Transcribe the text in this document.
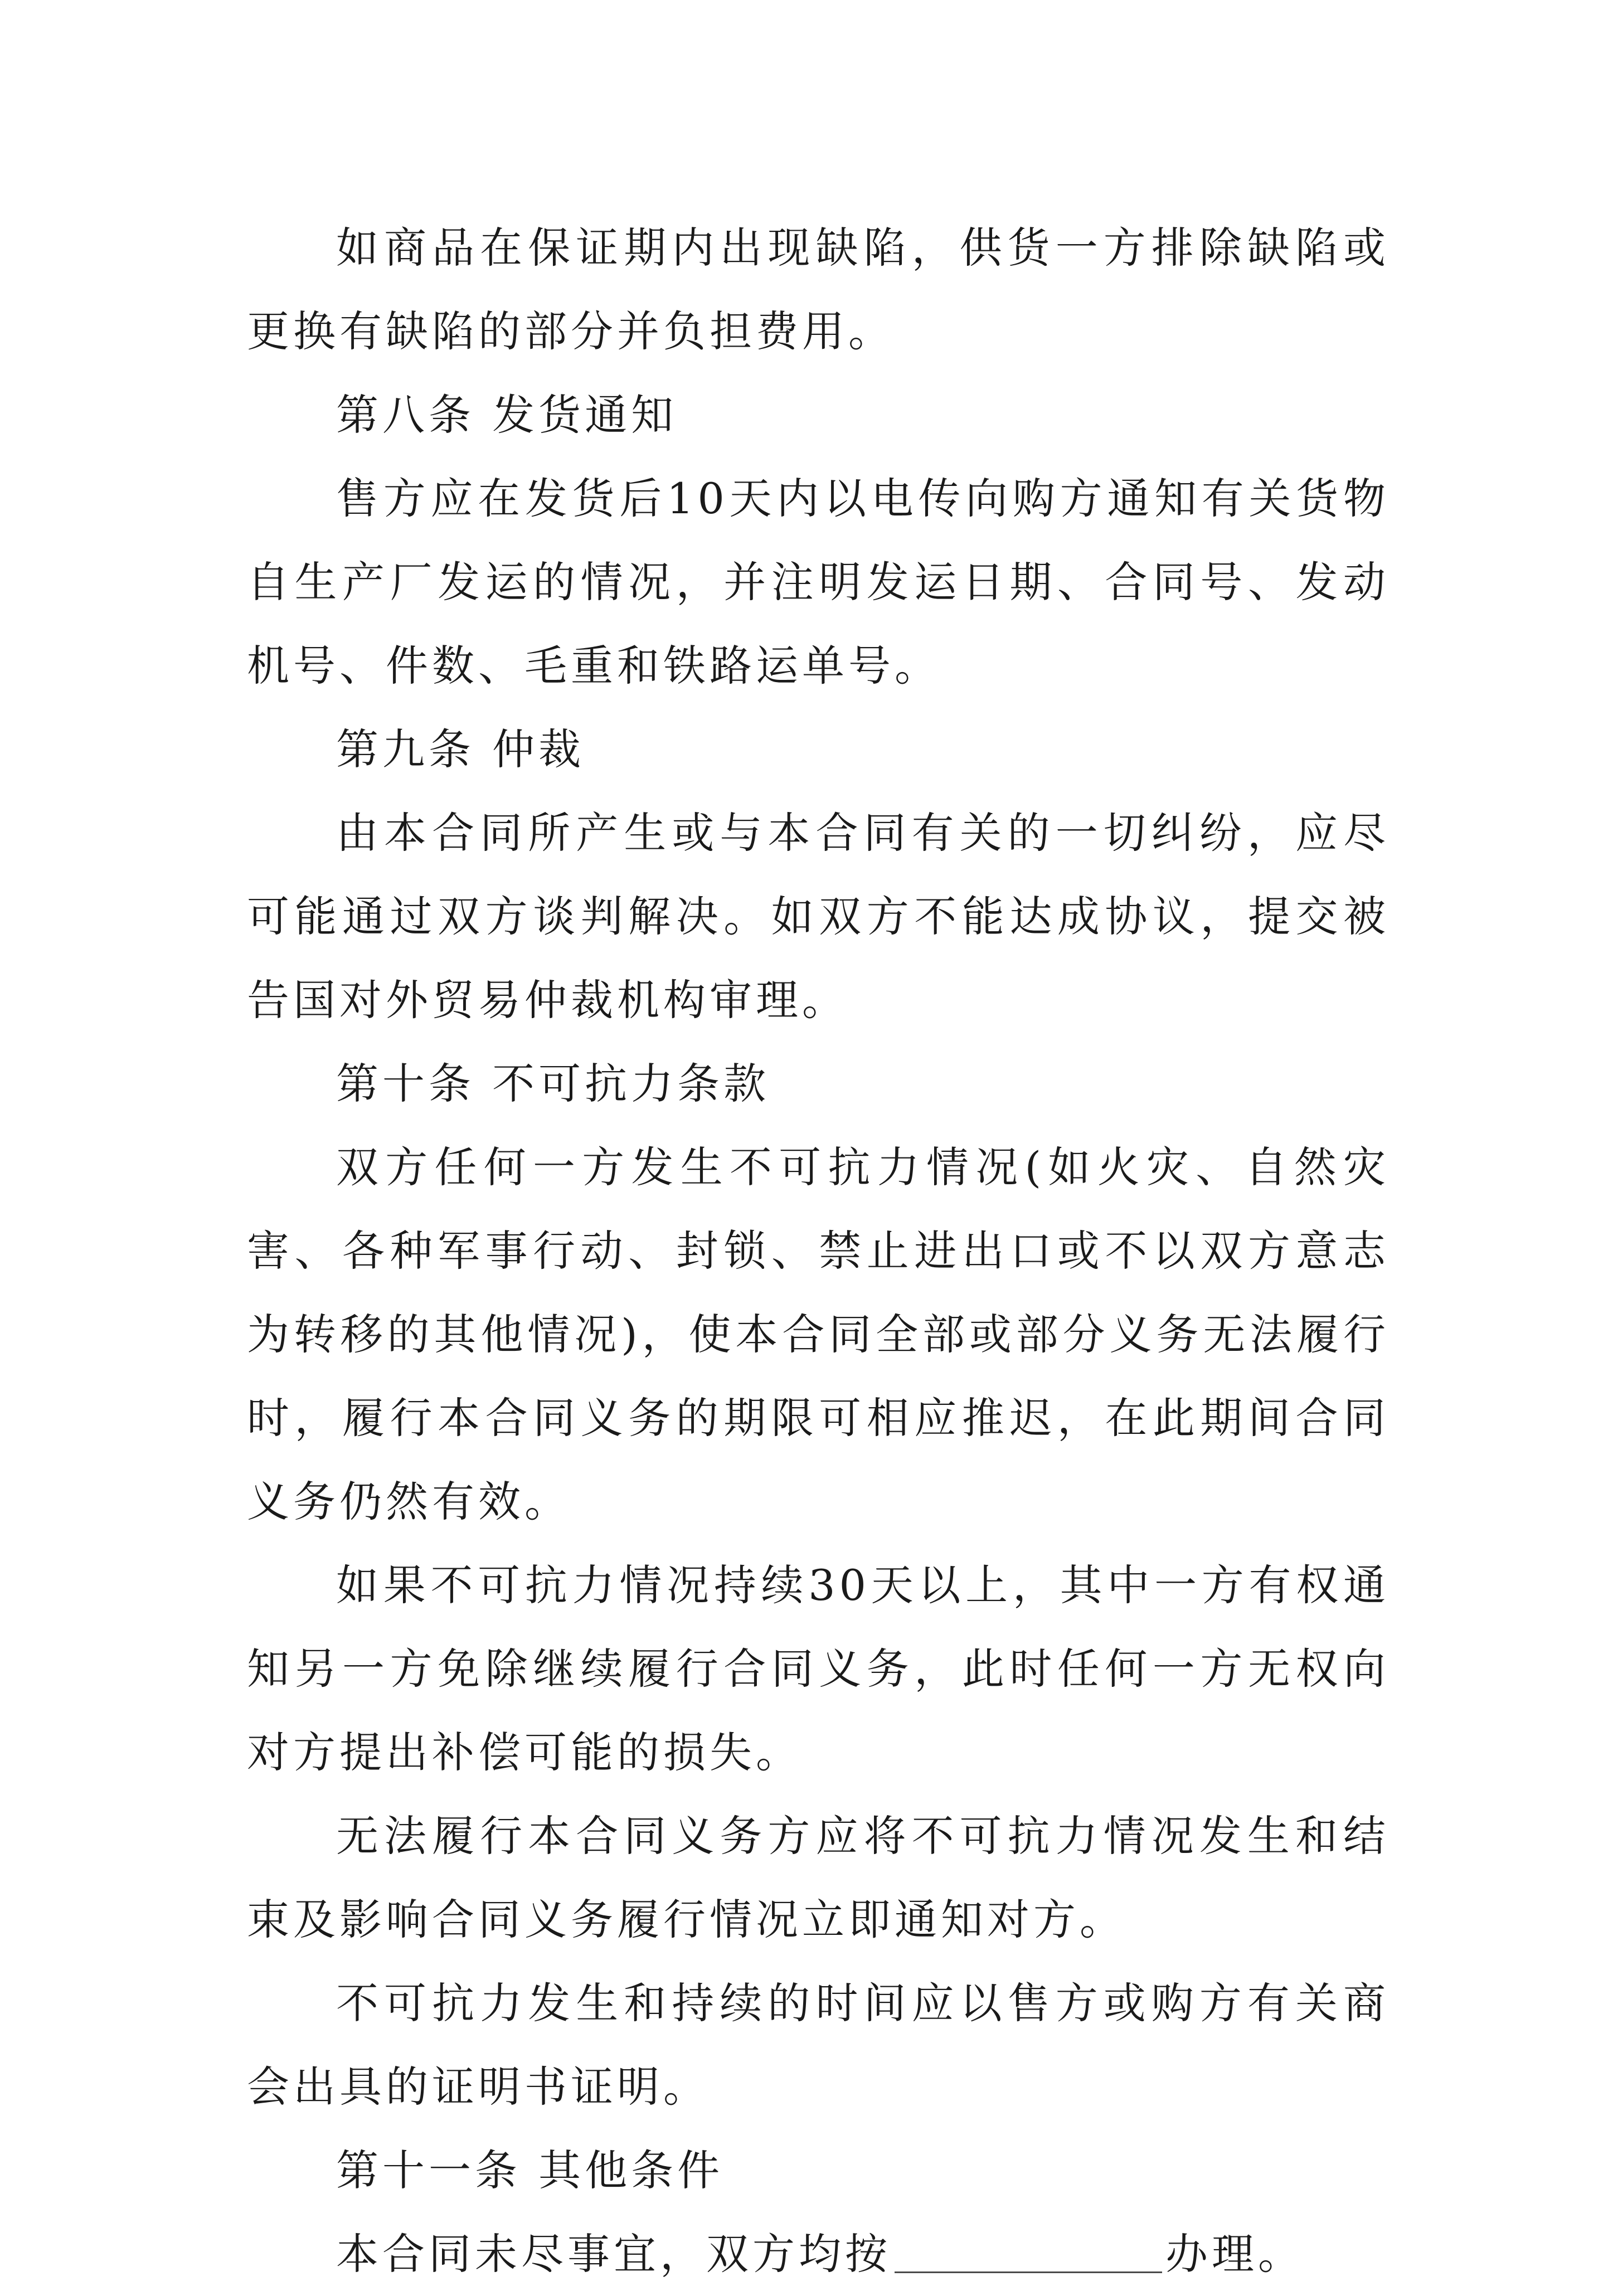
如商品在保证期内出现缺陷，供货一方排除缺陷或更换有缺陷的部分并负担费用。

第八条 发货通知

售方应在发货后10天内以电传向购方通知有关货物自生产厂发运的情况，并注明发运日期、合同号、发动机号、件数、毛重和铁路运单号。

第九条 仲裁

由本合同所产生或与本合同有关的一切纠纷，应尽可能通过双方谈判解决。如双方不能达成协议，提交被告国对外贸易仲裁机构审理。

第十条 不可抗力条款

双方任何一方发生不可抗力情况(如火灾、自然灾害、各种军事行动、封锁、禁止进出口或不以双方意志为转移的其他情况)，使本合同全部或部分义务无法履行时，履行本合同义务的期限可相应推迟，在此期间合同义务仍然有效。

如果不可抗力情况持续30天以上，其中一方有权通知另一方免除继续履行合同义务，此时任何一方无权向对方提出补偿可能的损失。

无法履行本合同义务方应将不可抗力情况发生和结束及影响合同义务履行情况立即通知对方。

不可抗力发生和持续的时间应以售方或购方有关商会出具的证明书证明。

第十一条 其他条件

本合同未尽事宜，双方均按	办理。
